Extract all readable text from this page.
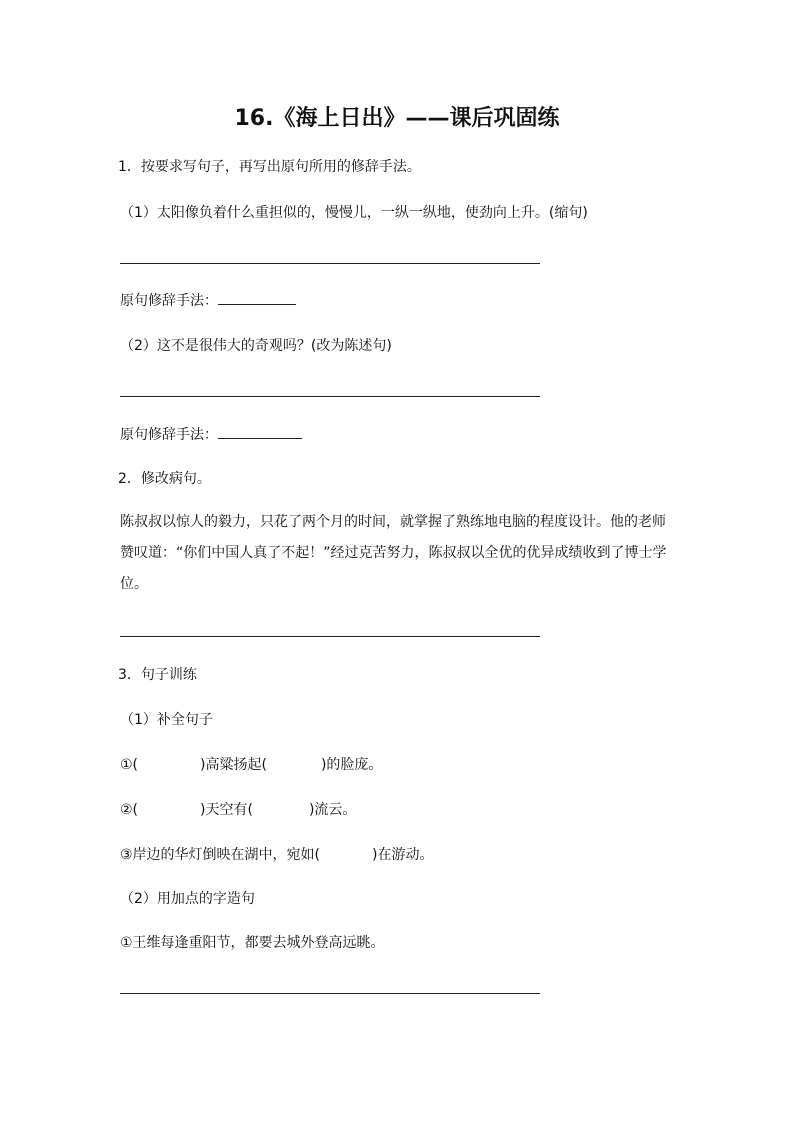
16.《海上日出》——课后巩固练
1．按要求写句子，再写出原句所用的修辞手法。
（1）太阳像负着什么重担似的，慢慢儿，一纵一纵地，使劲向上升。(缩句)
原句修辞手法：
（2）这不是很伟大的奇观吗？(改为陈述句)
原句修辞手法：
2．修改病句。
陈叔叔以惊人的毅力，只花了两个月的时间，就掌握了熟练地电脑的程度设计。他的老师赞叹道：“你们中国人真了不起！”经过克苦努力，陈叔叔以全优的优异成绩收到了博士学位。
3．句子训练
（1）补全句子
①(	)高粱扬起(	)的脸庞。
②(	)天空有(	)流云。
③岸边的华灯倒映在湖中，宛如(	)在游动。
（2）用加点的字造句
①王维每逢重阳节，都要去城外登高远眺。
